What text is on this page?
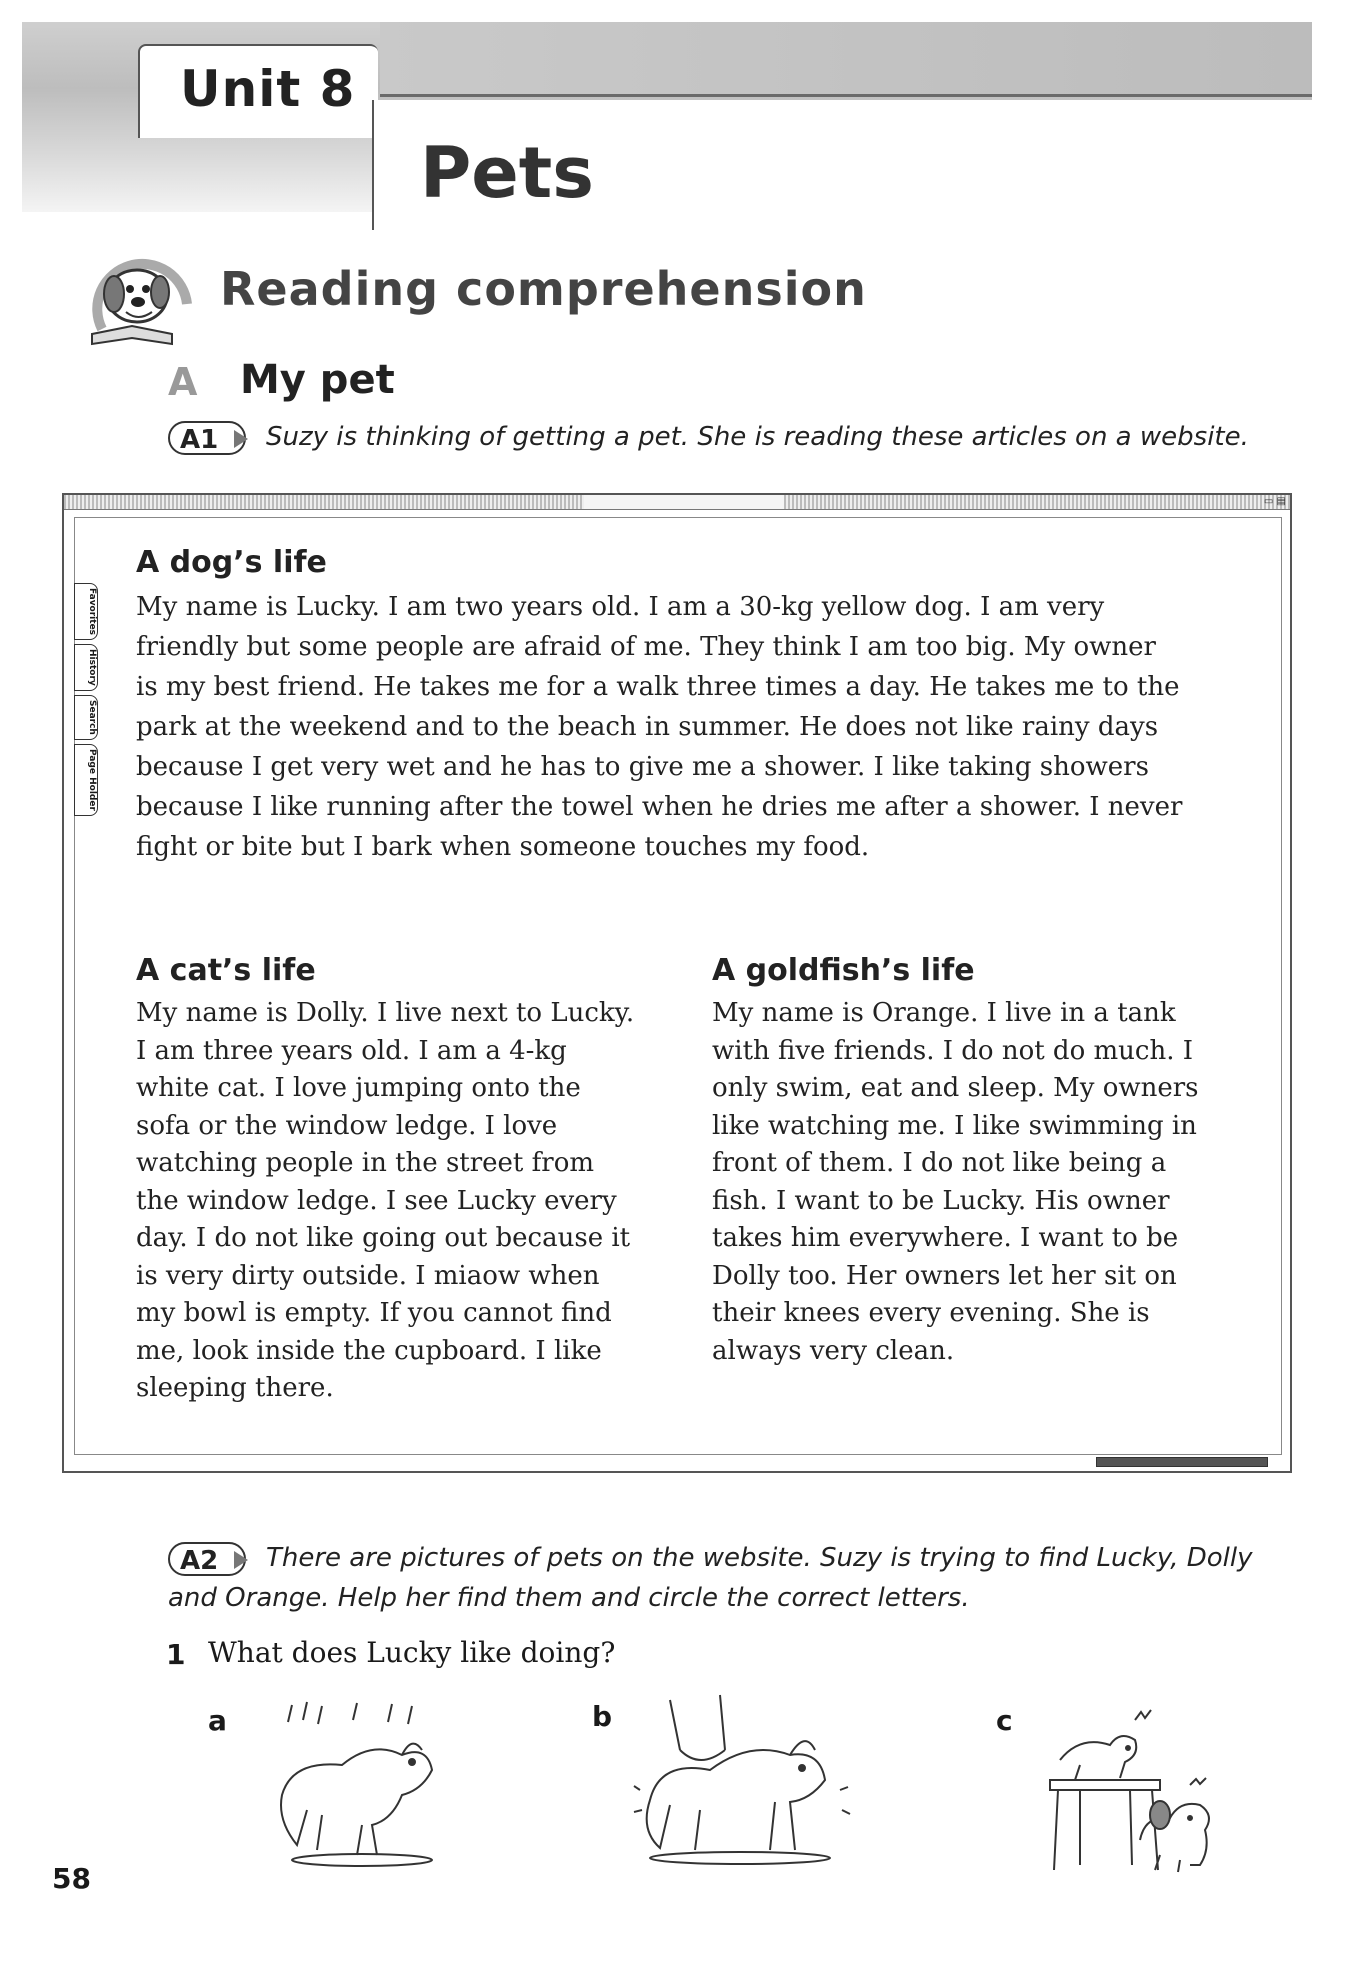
Unit 8
Pets
Reading comprehension
A My pet
A1	Suzy is thinking of getting a pet. She is reading these articles on a website.
▭ ▤
Favorites
History
Search
Page Holder
A dog’s life
My name is Lucky. I am two years old. I am a 30-kg yellow dog. I am very
friendly but some people are afraid of me. They think I am too big. My owner
is my best friend. He takes me for a walk three times a day. He takes me to the
park at the weekend and to the beach in summer. He does not like rainy days
because I get very wet and he has to give me a shower. I like taking showers
because I like running after the towel when he dries me after a shower. I never
fight or bite but I bark when someone touches my food.
A cat’s life
My name is Dolly. I live next to Lucky.
I am three years old. I am a 4-kg
white cat. I love jumping onto the
sofa or the window ledge. I love
watching people in the street from
the window ledge. I see Lucky every
day. I do not like going out because it
is very dirty outside. I miaow when
my bowl is empty. If you cannot find
me, look inside the cupboard. I like
sleeping there.
A goldfish’s life
My name is Orange. I live in a tank
with five friends. I do not do much. I
only swim, eat and sleep. My owners
like watching me. I like swimming in
front of them. I do not like being a
fish. I want to be Lucky. His owner
takes him everywhere. I want to be
Dolly too. Her owners let her sit on
their knees every evening. She is
always very clean.
A2	There are pictures of pets on the website. Suzy is trying to find Lucky, Dolly
and Orange. Help her find them and circle the correct letters.
1 What does Lucky like doing?
a	b	c
58
